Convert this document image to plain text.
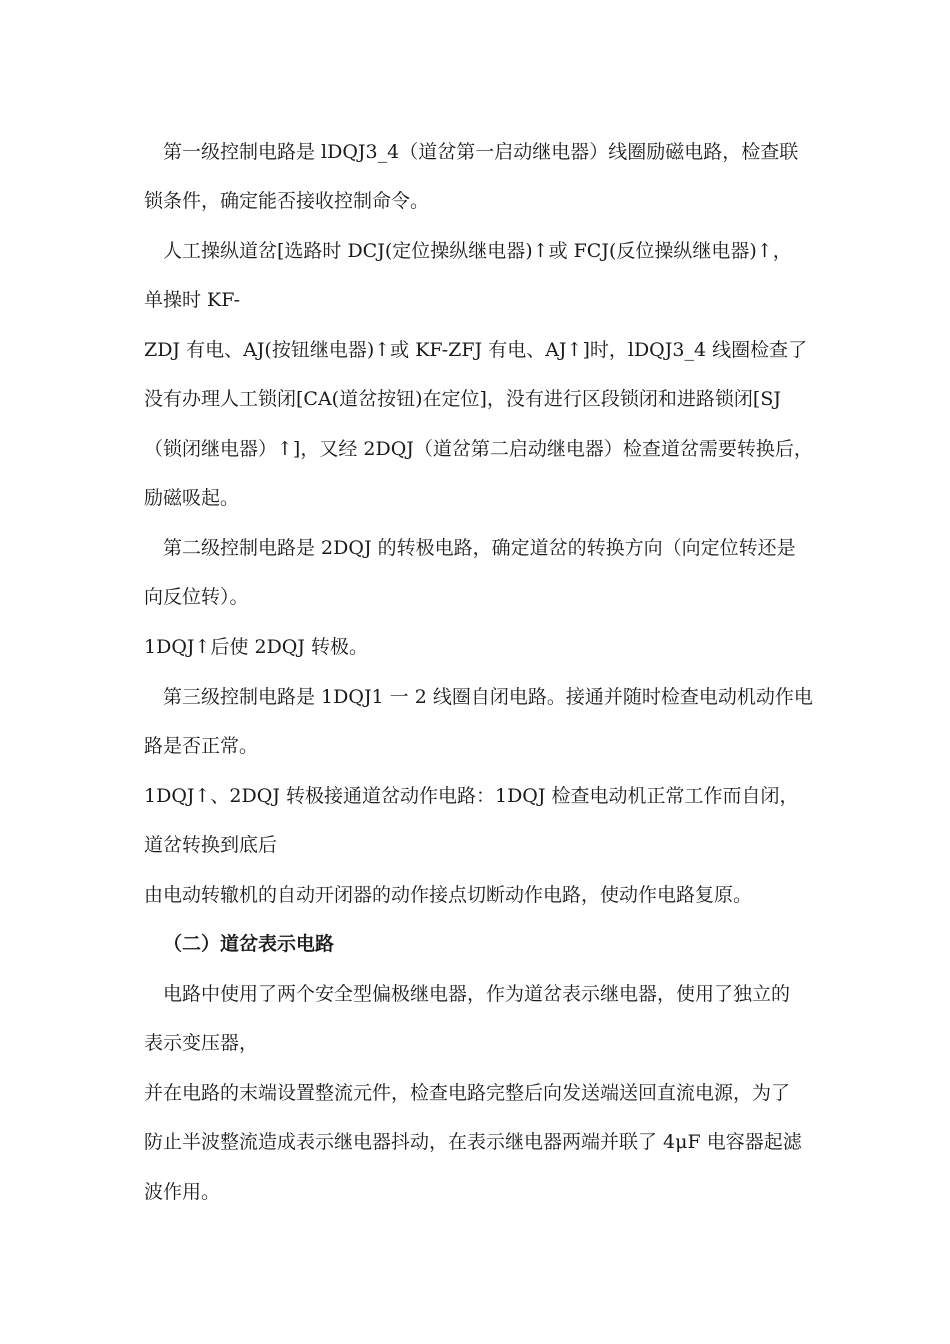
第一级控制电路是 lDQJ3_4（道岔第一启动继电器）线圈励磁电路，检查联
锁条件，确定能否接收控制命令。
人工操纵道岔[选路时 DCJ(定位操纵继电器)↑或 FCJ(反位操纵继电器)↑，
单操时 KF-
ZDJ 有电、AJ(按钮继电器)↑或 KF-ZFJ 有电、AJ↑]时，lDQJ3_4 线圈检查了
没有办理人工锁闭[CA(道岔按钮)在定位]，没有进行区段锁闭和进路锁闭[SJ
（锁闭继电器）↑]，又经 2DQJ（道岔第二启动继电器）检查道岔需要转换后，
励磁吸起。
第二级控制电路是 2DQJ 的转极电路，确定道岔的转换方向（向定位转还是
向反位转）。
1DQJ↑后使 2DQJ 转极。
第三级控制电路是 1DQJ1 一 2 线圈自闭电路。接通并随时检查电动机动作电
路是否正常。
1DQJ↑、2DQJ 转极接通道岔动作电路：1DQJ 检查电动机正常工作而自闭，
道岔转换到底后
由电动转辙机的自动开闭器的动作接点切断动作电路，使动作电路复原。
（二）道岔表示电路
电路中使用了两个安全型偏极继电器，作为道岔表示继电器，使用了独立的
表示变压器，
并在电路的末端设置整流元件，检查电路完整后向发送端送回直流电源，为了
防止半波整流造成表示继电器抖动，在表示继电器两端并联了 4μF 电容器起滤
波作用。
